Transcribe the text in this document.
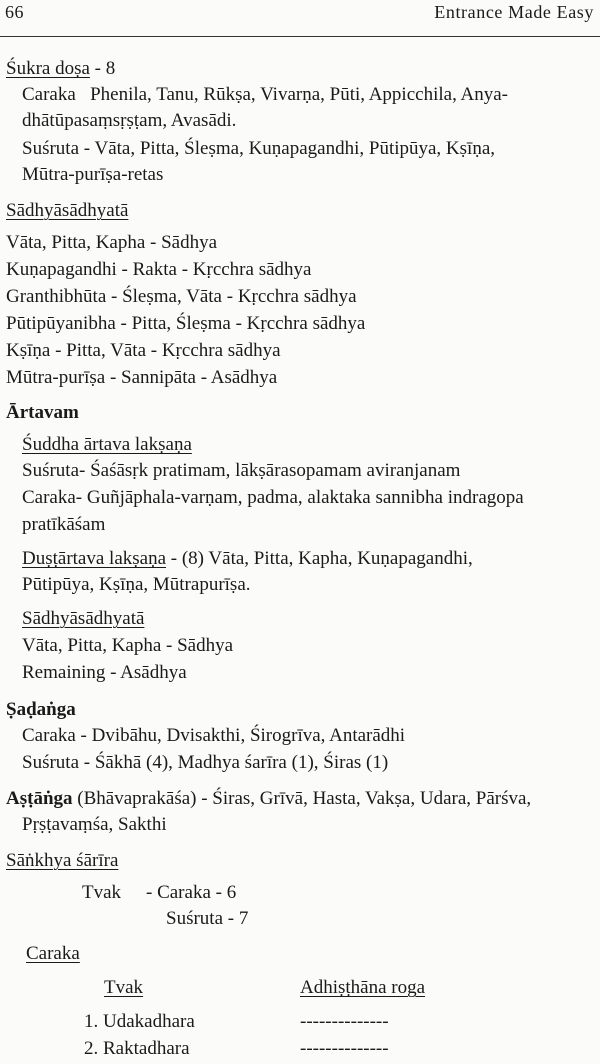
66	Entrance Made Easy
Śukra doṣa - 8
Caraka Phenila, Tanu, Rūkṣa, Vivarṇa, Pūti, Appicchila, Anya-
dhātūpasaṃsṛṣṭam, Avasādi.
Suśruta - Vāta, Pitta, Śleṣma, Kuṇapagandhi, Pūtipūya, Kṣīṇa,
Mūtra-purīṣa-retas
Sādhyāsādhyatā
Vāta, Pitta, Kapha - Sādhya
Kuṇapagandhi - Rakta - Kṛcchra sādhya
Granthibhūta - Śleṣma, Vāta - Kṛcchra sādhya
Pūtipūyanibha - Pitta, Śleṣma - Kṛcchra sādhya
Kṣīṇa - Pitta, Vāta - Kṛcchra sādhya
Mūtra-purīṣa - Sannipāta - Asādhya
Ārtavam
Śuddha ārtava lakṣaṇa
Suśruta- Śaśāsṛk pratimam, lākṣārasopamam aviranjanam
Caraka- Guñjāphala-varṇam, padma, alaktaka sannibha indragopa
pratīkāśam
Duṣṭārtava lakṣaṇa - (8) Vāta, Pitta, Kapha, Kuṇapagandhi,
Pūtipūya, Kṣīṇa, Mūtrapurīṣa.
Sādhyāsādhyatā
Vāta, Pitta, Kapha - Sādhya
Remaining - Asādhya
Ṣaḍaṅga
Caraka - Dvibāhu, Dvisakthi, Śirogrīva, Antarādhi
Suśruta - Śākhā (4), Madhya śarīra (1), Śiras (1)
Aṣṭāṅga (Bhāvaprakāśa) - Śiras, Grīvā, Hasta, Vakṣa, Udara, Pārśva,
Pṛṣṭavaṃśa, Sakthi
Sāṅkhya śārīra
Tvak - Caraka - 6
Suśruta - 7
Caraka
Tvak	Adhiṣṭhāna roga
1. Udakadhara	--------------
2. Raktadhara	--------------
